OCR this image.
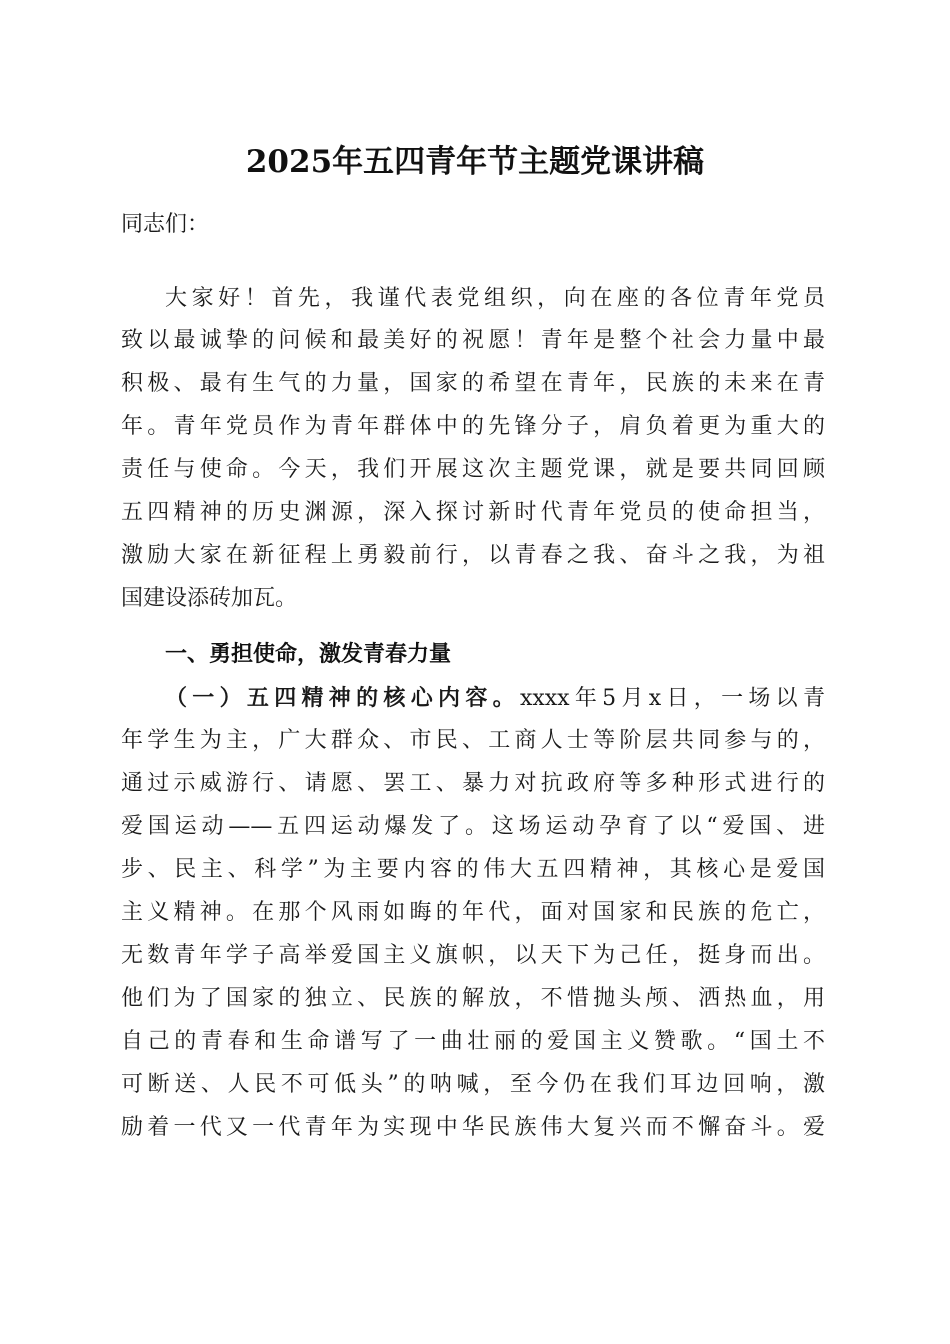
2025年五四青年节主题党课讲稿
同志们：
大家好！首先，我谨代表党组织，向在座的各位青年党员
致以最诚挚的问候和最美好的祝愿！青年是整个社会力量中最
积极、最有生气的力量，国家的希望在青年，民族的未来在青
年。青年党员作为青年群体中的先锋分子，肩负着更为重大的
责任与使命。今天，我们开展这次主题党课，就是要共同回顾
五四精神的历史渊源，深入探讨新时代青年党员的使命担当，
激励大家在新征程上勇毅前行，以青春之我、奋斗之我，为祖
国建设添砖加瓦。
一、勇担使命，激发青春力量
（一）五四精神的核心内容。xxxx年5月x日，一场以青
年学生为主，广大群众、市民、工商人士等阶层共同参与的，
通过示威游行、请愿、罢工、暴力对抗政府等多种形式进行的
爱国运动——五四运动爆发了。这场运动孕育了以“爱国、进
步、民主、科学”为主要内容的伟大五四精神，其核心是爱国
主义精神。在那个风雨如晦的年代，面对国家和民族的危亡，
无数青年学子高举爱国主义旗帜，以天下为己任，挺身而出。
他们为了国家的独立、民族的解放，不惜抛头颅、洒热血，用
自己的青春和生命谱写了一曲壮丽的爱国主义赞歌。“国土不
可断送、人民不可低头”的呐喊，至今仍在我们耳边回响，激
励着一代又一代青年为实现中华民族伟大复兴而不懈奋斗。爱
